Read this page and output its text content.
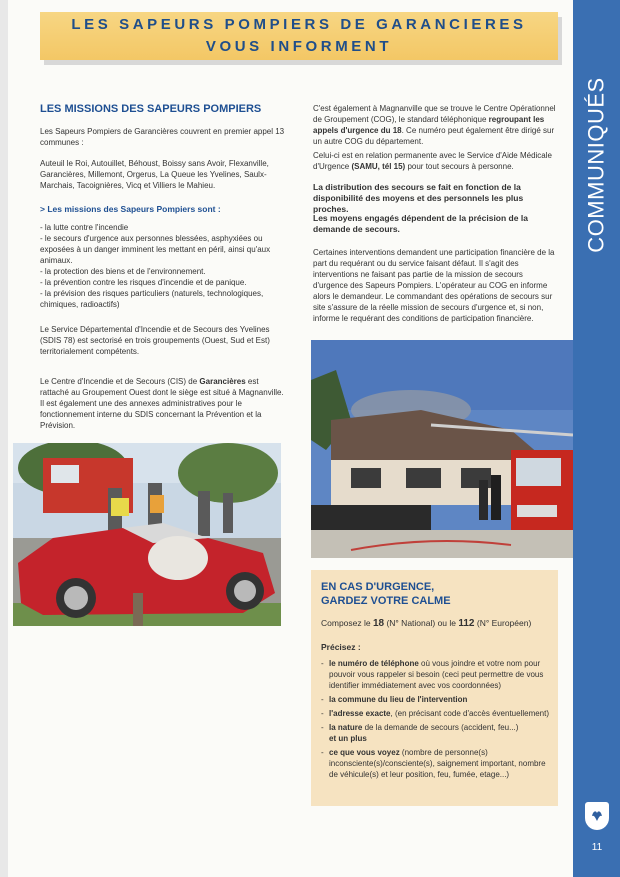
LES SAPEURS POMPIERS DE GARANCIERES
VOUS INFORMENT
COMMUNIQUÉS
11
LES MISSIONS DES SAPEURS POMPIERS
Les Sapeurs Pompiers de Garancières couvrent en premier appel 13 communes :
Auteuil le Roi, Autouillet, Béhoust, Boissy sans Avoir, Flexanville, Garancières, Millemont, Orgerus, La Queue les Yvelines, Saulx-Marchais, Tacoignières, Vicq et Villiers le Mahieu.
> Les missions des Sapeurs Pompiers sont :
- la lutte contre l'incendie
- le secours d'urgence aux personnes blessées, asphyxiées ou exposées à un danger imminent les mettant en péril, ainsi qu'aux animaux.
- la protection des biens et de l'environnement.
- la prévention contre les risques d'incendie et de panique.
- la prévision des risques particuliers (naturels, technologiques, chimiques, radioactifs)
Le Service Départemental d'Incendie et de Secours des Yvelines (SDIS 78) est sectorisé en trois groupements (Ouest, Sud et Est) territorialement compétents.
Le Centre d'Incendie et de Secours (CIS) de Garancières est rattaché au Groupement Ouest dont le siège est situé à Magnanville. Il est également une des annexes administratives pour le fonctionnement interne du SDIS concernant la Prévention et la Prévision.
C'est également à Magnanville que se trouve le Centre Opérationnel de Groupement (COG), le standard téléphonique regroupant les appels d'urgence du 18. Ce numéro peut également être dirigé sur un autre COG du département.
Celui-ci est en relation permanente avec le Service d'Aide Médicale d'Urgence (SAMU, tél 15) pour tout secours à personne.
La distribution des secours se fait en fonction de la disponibilité des moyens et des personnels les plus proches.
Les moyens engagés dépendent de la précision de la demande de secours.
Certaines interventions demandent une participation financière de la part du requérant ou du service faisant défaut. Il s'agit des interventions ne faisant pas partie de la mission de secours d'urgence des Sapeurs Pompiers. L'opérateur au COG en informe alors le demandeur. Le commandant des opérations de secours sur site s'assure de la réelle mission de secours d'urgence et, si non, informe le requérant des conditions de participation financière.
EN CAS D'URGENCE,
GARDEZ VOTRE CALME
Composez le 18 (N° National) ou le 112 (N° Européen)
Précisez :
- le numéro de téléphone où vous joindre et votre nom pour pouvoir vous rappeler si besoin (ceci peut permettre de vous identifier immédiatement avec vos coordonnées)
- la commune du lieu de l'intervention
- l'adresse exacte, (en précisant code d'accès éventuellement)
- la nature de la demande de secours (accident, feu...)
et un plus
- ce que vous voyez (nombre de personne(s) inconsciente(s)/consciente(s), saignement important, nombre de véhicule(s) et leur position, feu, fumée, etage...)
